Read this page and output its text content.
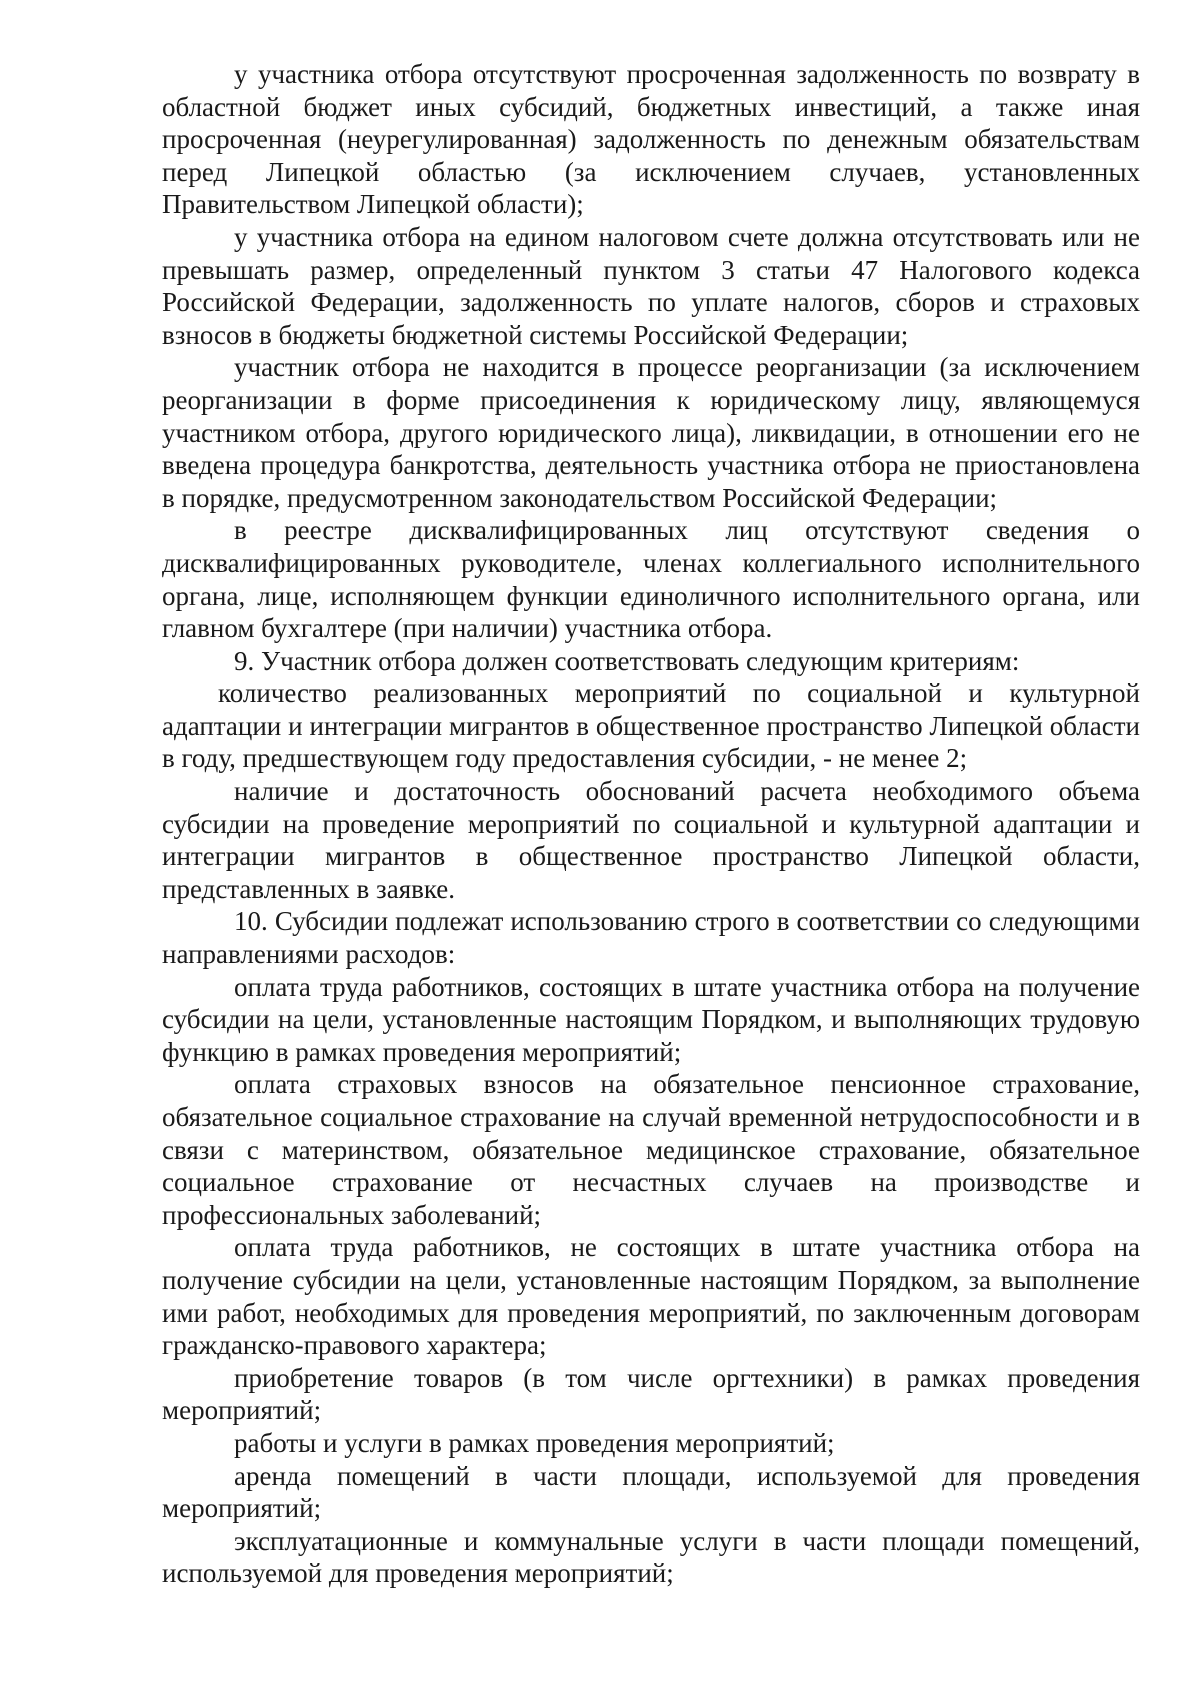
у участника отбора отсутствуют просроченная задолженность по возврату в областной бюджет иных субсидий, бюджетных инвестиций, а также иная просроченная (неурегулированная) задолженность по денежным обязательствам перед Липецкой областью (за исключением случаев, установленных Правительством Липецкой области);

у участника отбора на едином налоговом счете должна отсутствовать или не превышать размер, определенный пунктом 3 статьи 47 Налогового кодекса Российской Федерации, задолженность по уплате налогов, сборов и страховых взносов в бюджеты бюджетной системы Российской Федерации;

участник отбора не находится в процессе реорганизации (за исключением реорганизации в форме присоединения к юридическому лицу, являющемуся участником отбора, другого юридического лица), ликвидации, в отношении его не введена процедура банкротства, деятельность участника отбора не приостановлена в порядке, предусмотренном законодательством Российской Федерации;

в реестре дисквалифицированных лиц отсутствуют сведения о дисквалифицированных руководителе, членах коллегиального исполнительного органа, лице, исполняющем функции единоличного исполнительного органа, или главном бухгалтере (при наличии) участника отбора.

9. Участник отбора должен соответствовать следующим критериям:

количество реализованных мероприятий по социальной и культурной адаптации и интеграции мигрантов в общественное пространство Липецкой области в году, предшествующем году предоставления субсидии, - не менее 2;

наличие и достаточность обоснований расчета необходимого объема субсидии на проведение мероприятий по социальной и культурной адаптации и интеграции мигрантов в общественное пространство Липецкой области, представленных в заявке.

10. Субсидии подлежат использованию строго в соответствии со следующими направлениями расходов:

оплата труда работников, состоящих в штате участника отбора на получение субсидии на цели, установленные настоящим Порядком, и выполняющих трудовую функцию в рамках проведения мероприятий;

оплата страховых взносов на обязательное пенсионное страхование, обязательное социальное страхование на случай временной нетрудоспособности и в связи с материнством, обязательное медицинское страхование, обязательное социальное страхование от несчастных случаев на производстве и профессиональных заболеваний;

оплата труда работников, не состоящих в штате участника отбора на получение субсидии на цели, установленные настоящим Порядком, за выполнение ими работ, необходимых для проведения мероприятий, по заключенным договорам гражданско-правового характера;

приобретение товаров (в том числе оргтехники) в рамках проведения мероприятий;

работы и услуги в рамках проведения мероприятий;

аренда помещений в части площади, используемой для проведения мероприятий;

эксплуатационные и коммунальные услуги в части площади помещений, используемой для проведения мероприятий;
